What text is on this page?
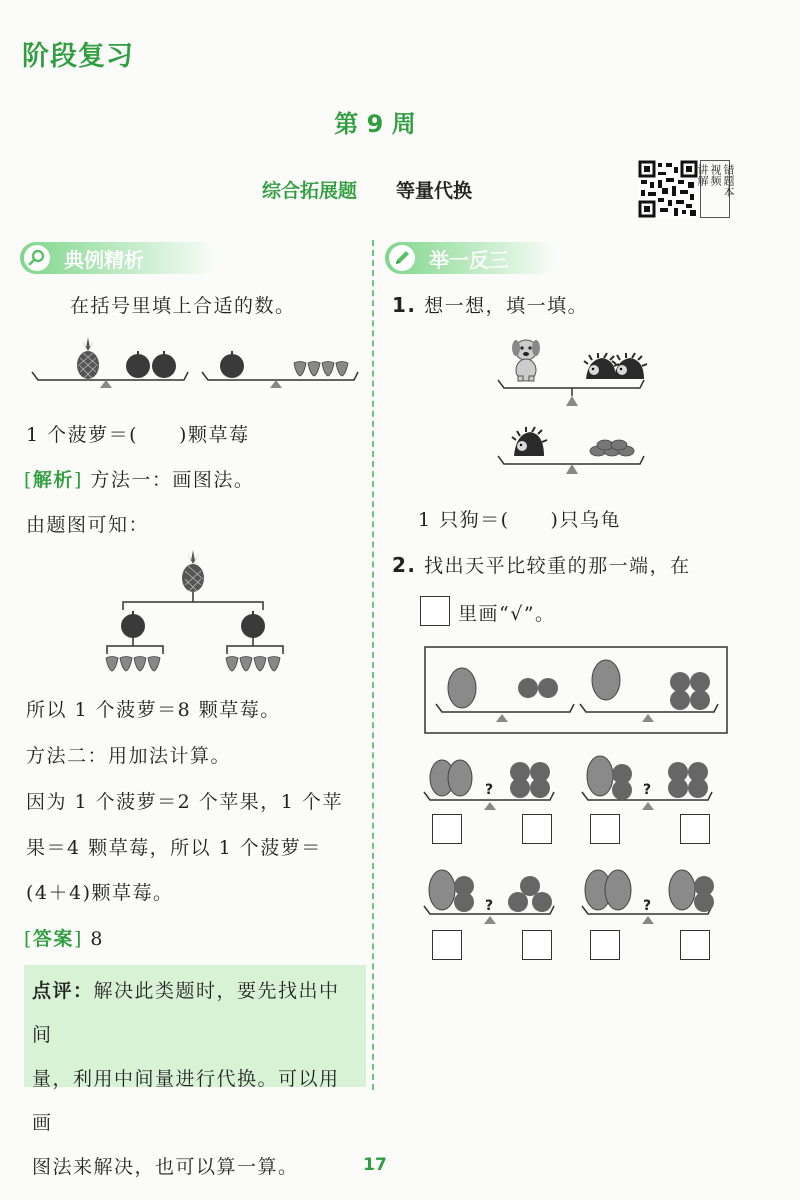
阶段复习
第 9 周
综合拓展题 等量代换
讲解 视频 错题本
典例精析	举一反三
在括号里填上合适的数。
1 个菠萝＝(　　)颗草莓
[解析] 方法一：画图法。
由题图可知：
所以 1 个菠萝＝8 颗草莓。
方法二：用加法计算。
因为 1 个菠萝＝2 个苹果，1 个苹
果＝4 颗草莓，所以 1 个菠萝＝
(4＋4)颗草莓。
[答案] 8
点评：解决此类题时，要先找出中间
量，利用中间量进行代换。可以用画
图法来解决，也可以算一算。
1. 想一想，填一填。
1 只狗＝(　　)只乌龟
2. 找出天平比较重的那一端，在
里画“√”。
?	?
?	?
17
